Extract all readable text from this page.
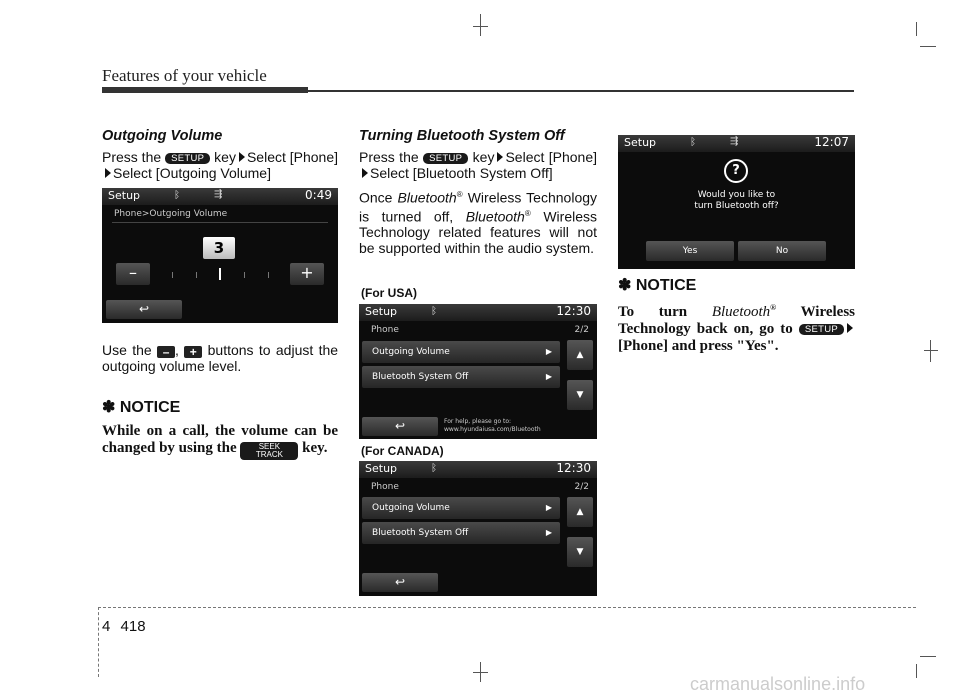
Features of your vehicle
Outgoing Volume
Press the SETUP key Select [Phone]Select [Outgoing Volume]
Setup	ᛒ	⇶	0:49
Phone>Outgoing Volume
3
–	+
↩
Use the – , + buttons to adjust the outgoing volume level.
✽ NOTICE
While on a call, the volume can be changed by using the	SEEK
TRACK	key.
Turning Bluetooth System Off
Press the SETUP key Select [Phone]Select [Bluetooth System Off]
Once Bluetooth® Wireless Technology is turned off, Bluetooth® Wireless Technology related features will not be supported within the audio system.
(For USA)
Setup	ᛒ	12:30
Phone	2/2
Outgoing Volume	▶
Bluetooth System Off	▶
▲
▼
↩	For help, please go to:
www.hyundaiusa.com/Bluetooth
(For CANADA)
Setup	ᛒ	12:30
Phone	2/2
Outgoing Volume	▶
Bluetooth System Off	▶
▲
▼
↩
Setup	ᛒ	⇶	12:07
?
Would you like to
turn Bluetooth off?
Yes	No
✽ NOTICE
To turn Bluetooth® Wireless Technology back on, go to SETUP [Phone] and press "Yes".
4 418
carmanualsonline.info
